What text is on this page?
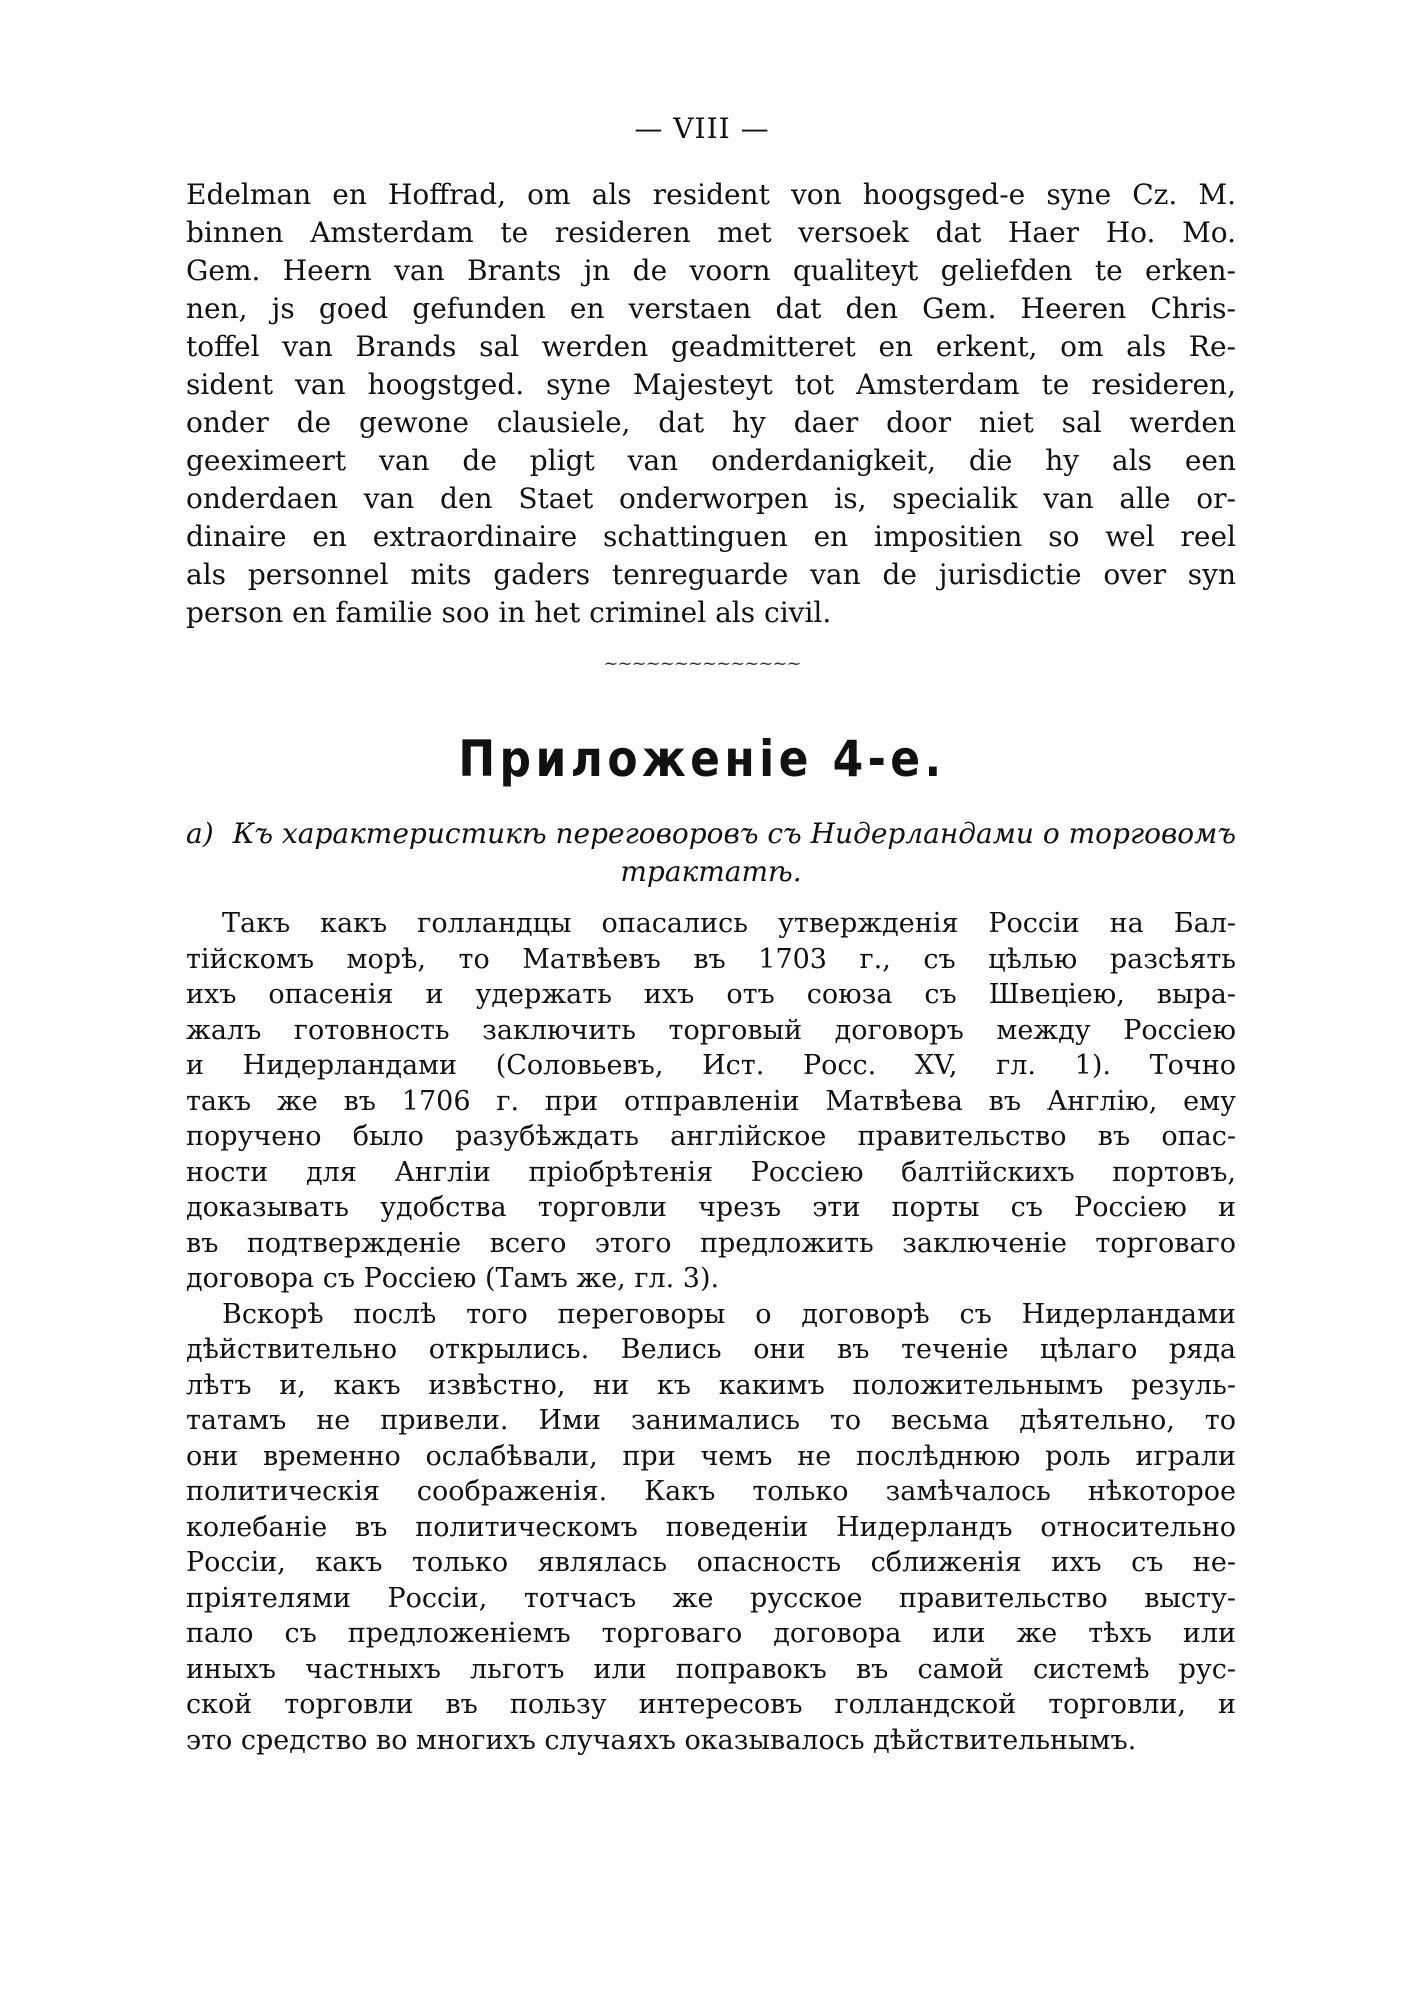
— VIII —
Edelman en Hoffrad, om als resident von hoogsged-e syne Cz. M.
binnen Amsterdam te resideren met versoek dat Haer Ho. Mo.
Gem. Heern van Brants jn de voorn qualiteyt geliefden te erken-
nen, js goed gefunden en verstaen dat den Gem. Heeren Chris-
toffel van Brands sal werden geadmitteret en erkent, om als Re-
sident van hoogstged. syne Majesteyt tot Amsterdam te resideren,
onder de gewone clausiele, dat hy daer door niet sal werden
geeximeert van de pligt van onderdanigkeit, die hy als een
onderdaen van den Staet onderworpen is, specialik van alle or-
dinaire en extraordinaire schattinguen en impositien so wel reel
als personnel mits gaders tenreguarde van de jurisdictie over syn
person en familie soo in het criminel als civil.
~~~~~~~~~~~~~~
Приложеніе 4-е.
a) Къ характеристикѣ переговоровъ съ Нидерландами о торговомъ
трактатѣ.
Такъ какъ голландцы опасались утвержденія Россіи на Бал-
тійскомъ морѣ, то Матвѣевъ въ 1703 г., съ цѣлью разсѣять
ихъ опасенія и удержать ихъ отъ союза съ Швеціею, выра-
жалъ готовность заключить торговый договоръ между Россіею
и Нидерландами (Соловьевъ, Ист. Росс. XV, гл. 1). Точно
такъ же въ 1706 г. при отправленіи Матвѣева въ Англію, ему
поручено было разубѣждать англійское правительство въ опас-
ности для Англіи пріобрѣтенія Россіею балтійскихъ портовъ,
доказывать удобства торговли чрезъ эти порты съ Россіею и
въ подтвержденіе всего этого предложить заключеніе торговаго
договора съ Россіею (Тамъ же, гл. 3).
Вскорѣ послѣ того переговоры о договорѣ съ Нидерландами
дѣйствительно открылись. Велись они въ теченіе цѣлаго ряда
лѣтъ и, какъ извѣстно, ни къ какимъ положительнымъ резуль-
татамъ не привели. Ими занимались то весьма дѣятельно, то
они временно ослабѣвали, при чемъ не послѣднюю роль играли
политическія соображенія. Какъ только замѣчалось нѣкоторое
колебаніе въ политическомъ поведеніи Нидерландъ относительно
Россіи, какъ только являлась опасность сближенія ихъ съ не-
пріятелями Россіи, тотчасъ же русское правительство высту-
пало съ предложеніемъ торговаго договора или же тѣхъ или
иныхъ частныхъ льготъ или поправокъ въ самой системѣ рус-
ской торговли въ пользу интересовъ голландской торговли, и
это средство во многихъ случаяхъ оказывалось дѣйствительнымъ.
